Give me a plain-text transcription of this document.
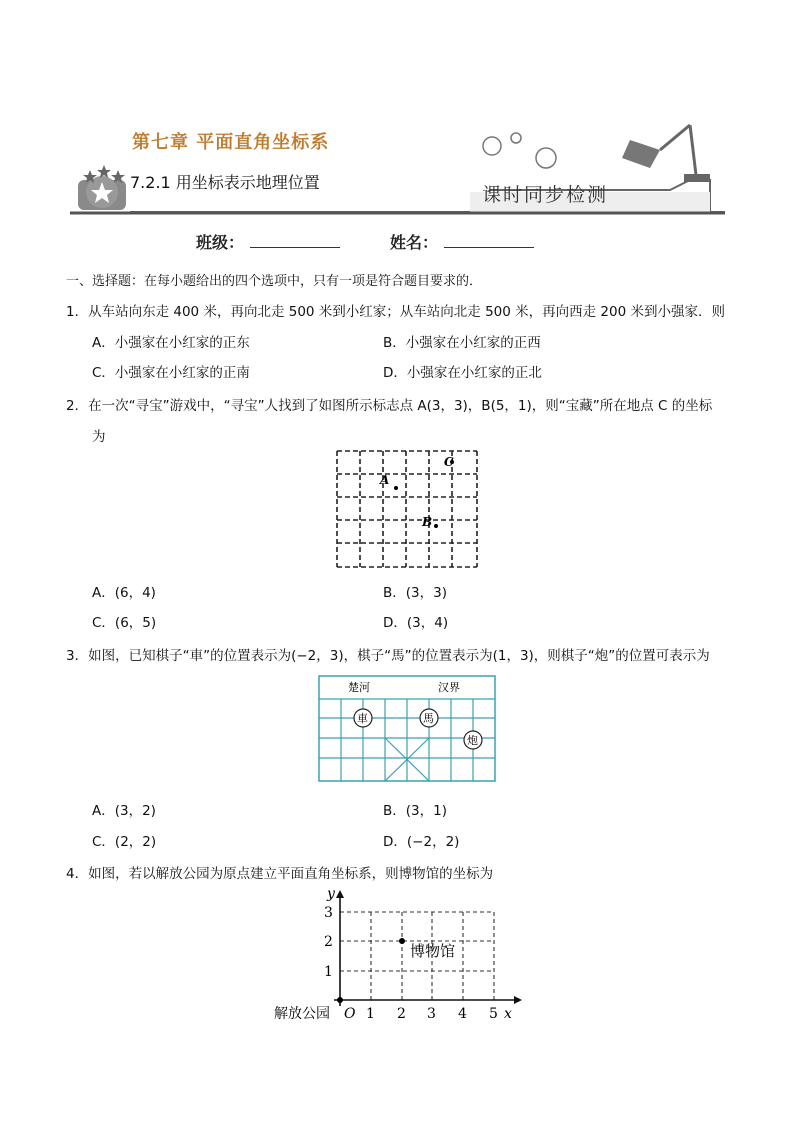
第七章 平面直角坐标系
7.2.1 用坐标表示地理位置
课时同步检测
班级：	姓名：
一、选择题：在每小题给出的四个选项中，只有一项是符合题目要求的．
1．从车站向东走 400 米，再向北走 500 米到小红家；从车站向北走 500 米，再向西走 200 米到小强家．则
A．小强家在小红家的正东	B．小强家在小红家的正西
C．小强家在小红家的正南	D．小强家在小红家的正北
2．在一次“寻宝”游戏中，“寻宝”人找到了如图所示标志点 A(3，3)，B(5，1)，则“宝藏”所在地点 C 的坐标
为
A
B
C
A．(6，4)	B．(3，3)
C．(6，5)	D．(3，4)
3．如图，已知棋子“車”的位置表示为(−2，3)，棋子“馬”的位置表示为(1，3)，则棋子“炮”的位置可表示为
楚河	汉界
車	馬
炮
A．(3，2)	B．(3，1)
C．(2，2)	D．(−2，2)
4．如图，若以解放公园为原点建立平面直角坐标系，则博物馆的坐标为
y
x
3
2
1
1 2 3 4 5
O
解放公园
博物馆
